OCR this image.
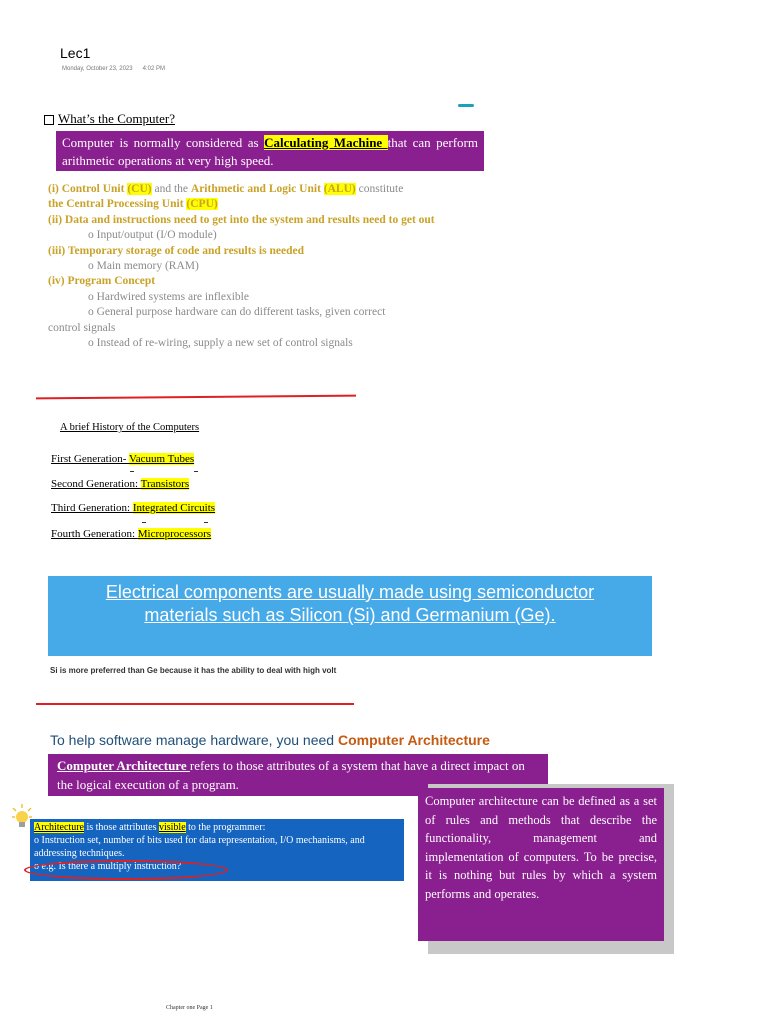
Lec1
Monday, October 23, 2023 4:02 PM
What’s the Computer?
Computer is normally considered as Calculating Machine that can perform arithmetic operations at very high speed.
(i) Control Unit (CU) and the Arithmetic and Logic Unit (ALU) constitute
the Central Processing Unit (CPU)
(ii) Data and instructions need to get into the system and results need to get out
o Input/output (I/O module)
(iii) Temporary storage of code and results is needed
o Main memory (RAM)
(iv) Program Concept
o Hardwired systems are inflexible
o General purpose hardware can do different tasks, given correct
control signals
o Instead of re-wiring, supply a new set of control signals
A brief History of the Computers
First Generation- Vacuum Tubes
Second Generation: Transistors
Third Generation: Integrated Circuits
Fourth Generation: Microprocessors
Electrical components are usually made using semiconductor
materials such as Silicon (Si) and Germanium (Ge).
Si is more preferred than Ge because it has the ability to deal with high volt
To help software manage hardware, you need Computer Architecture
Computer Architecture refers to those attributes of a system that have a direct impact on the logical execution of a program.
Computer architecture can be defined as a set of rules and methods that describe the functionality, management and implementation of computers. To be precise, it is nothing but rules by which a system performs and operates.
Architecture is those attributes visible to the programmer:
o Instruction set, number of bits used for data representation, I/O mechanisms, and addressing techniques.
o e.g. Is there a multiply instruction?
Chapter one Page 1
